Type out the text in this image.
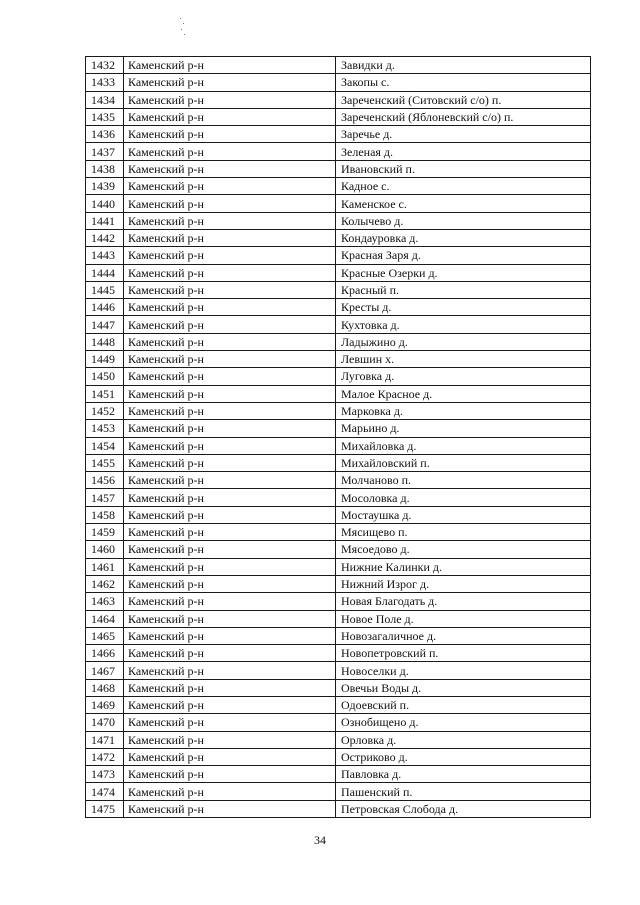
1432	Каменский р-н	Завидки д.
1433	Каменский р-н	Закопы с.
1434	Каменский р-н	Зареченский (Ситовский с/о) п.
1435	Каменский р-н	Зареченский (Яблоневский с/о) п.
1436	Каменский р-н	Заречье д.
1437	Каменский р-н	Зеленая д.
1438	Каменский р-н	Ивановский п.
1439	Каменский р-н	Кадное с.
1440	Каменский р-н	Каменское с.
1441	Каменский р-н	Колычево д.
1442	Каменский р-н	Кондауровка д.
1443	Каменский р-н	Красная Заря д.
1444	Каменский р-н	Красные Озерки д.
1445	Каменский р-н	Красный п.
1446	Каменский р-н	Кресты д.
1447	Каменский р-н	Кухтовка д.
1448	Каменский р-н	Ладыжино д.
1449	Каменский р-н	Левшин х.
1450	Каменский р-н	Луговка д.
1451	Каменский р-н	Малое Красное д.
1452	Каменский р-н	Марковка д.
1453	Каменский р-н	Марьино д.
1454	Каменский р-н	Михайловка д.
1455	Каменский р-н	Михайловский п.
1456	Каменский р-н	Молчаново п.
1457	Каменский р-н	Мосоловка д.
1458	Каменский р-н	Мостаушка д.
1459	Каменский р-н	Мясищево п.
1460	Каменский р-н	Мясоедово д.
1461	Каменский р-н	Нижние Калинки д.
1462	Каменский р-н	Нижний Изрог д.
1463	Каменский р-н	Новая Благодать д.
1464	Каменский р-н	Новое Поле д.
1465	Каменский р-н	Новозагаличное д.
1466	Каменский р-н	Новопетровский п.
1467	Каменский р-н	Новоселки д.
1468	Каменский р-н	Овечьи Воды д.
1469	Каменский р-н	Одоевский п.
1470	Каменский р-н	Ознобищено д.
1471	Каменский р-н	Орловка д.
1472	Каменский р-н	Остриково д.
1473	Каменский р-н	Павловка д.
1474	Каменский р-н	Пашенский п.
1475	Каменский р-н	Петровская Слобода д.
34
